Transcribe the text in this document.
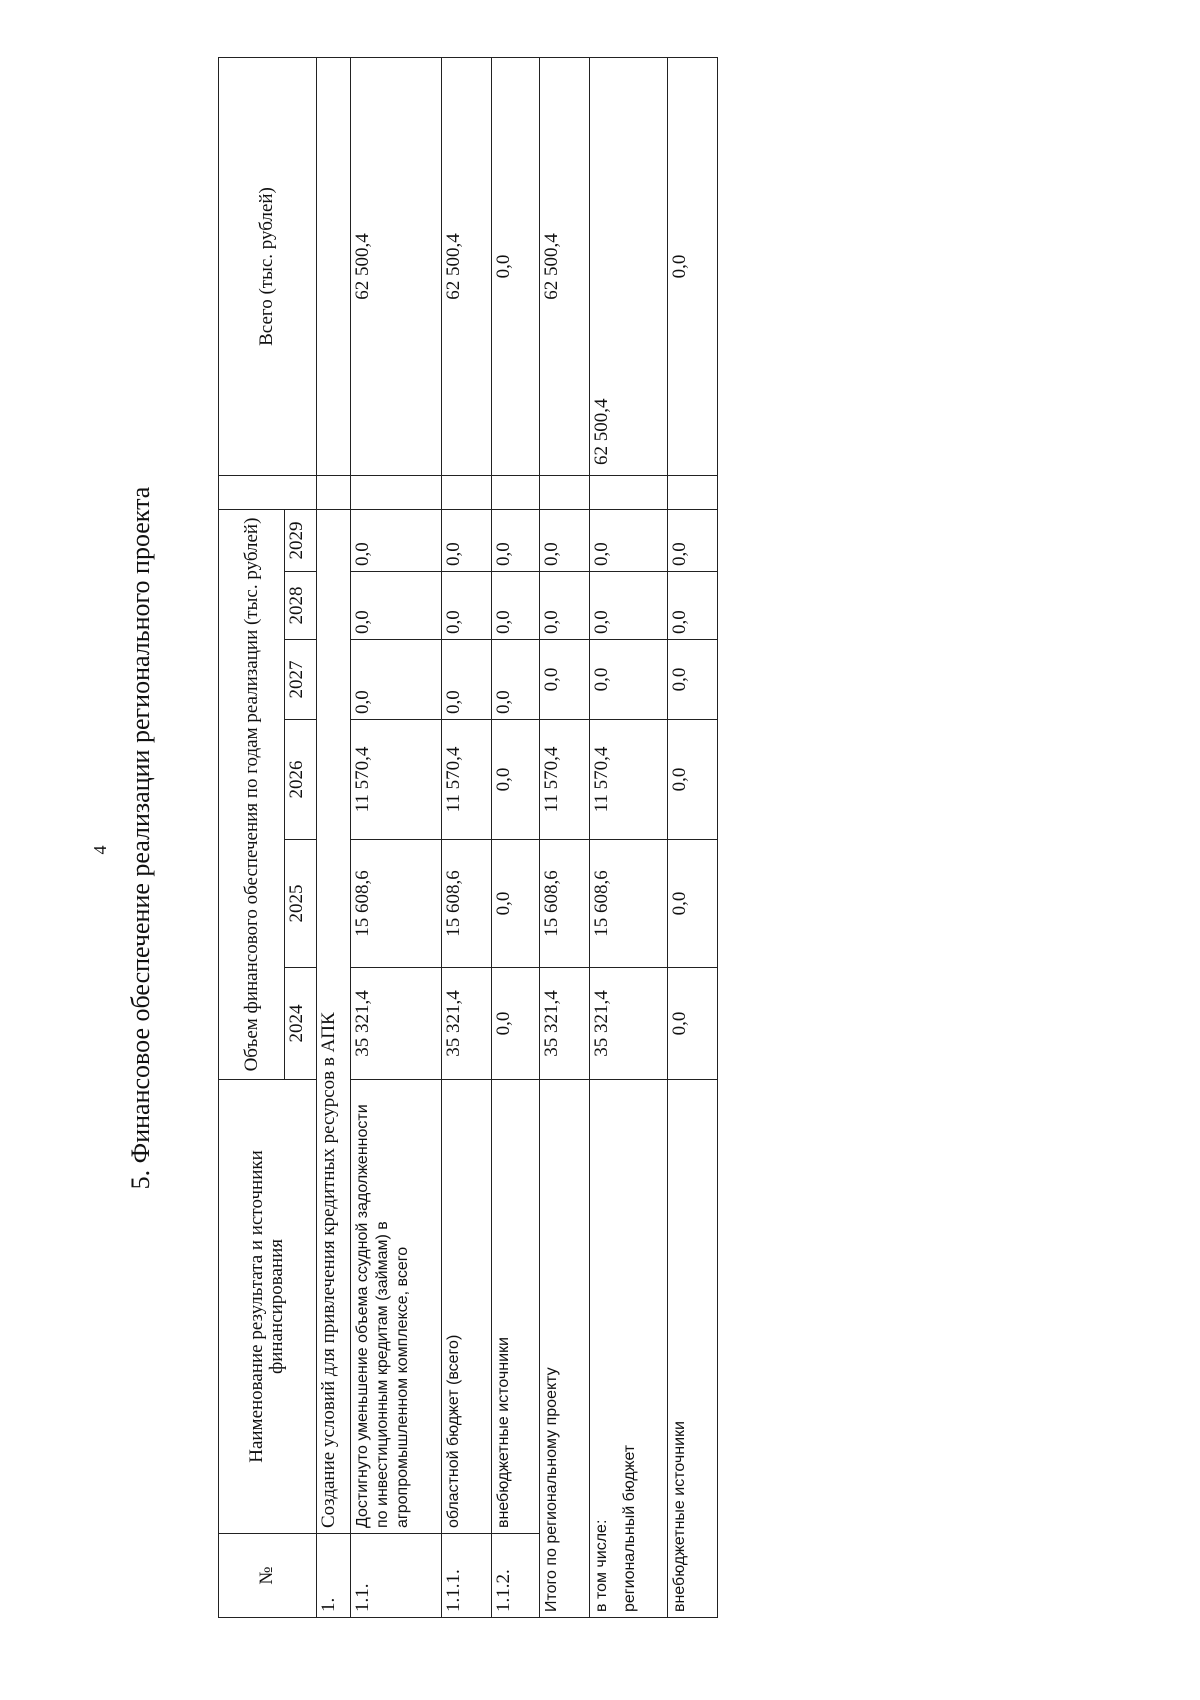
4 5. Финансовое обеспечение реализации регионального проекта
№	Наименование результата и источники финансирования	Объем финансового обеспечения по годам реализации (тыс. рублей)							Всего (тыс. рублей)
		2024	2025	2026	2027	2028	2029		
1.	Создание условий для привлечения кредитных ресурсов в АПК								
1.1.	Достигнуто уменьшение объема ссудной задолженности по инвестиционным кредитам (займам) в агропромышленном комплексе, всего	35 321,4	15 608,6	11 570,4	0,0	0,0	0,0		62 500,4
1.1.1.	областной бюджет (всего)	35 321,4	15 608,6	11 570,4	0,0	0,0	0,0		62 500,4
1.1.2.	внебюджетные источники	0,0	0,0	0,0	0,0	0,0	0,0		0,0
Итого по региональному проекту		35 321,4	15 608,6	11 570,4	0,0	0,0	0,0		62 500,4

в том числе: региональный бюджет		35 321,4	15 608,6	11 570,4	0,0	0,0	0,0		62 500,4
внебюджетные источники		0,0	0,0	0,0	0,0	0,0	0,0		0,0
